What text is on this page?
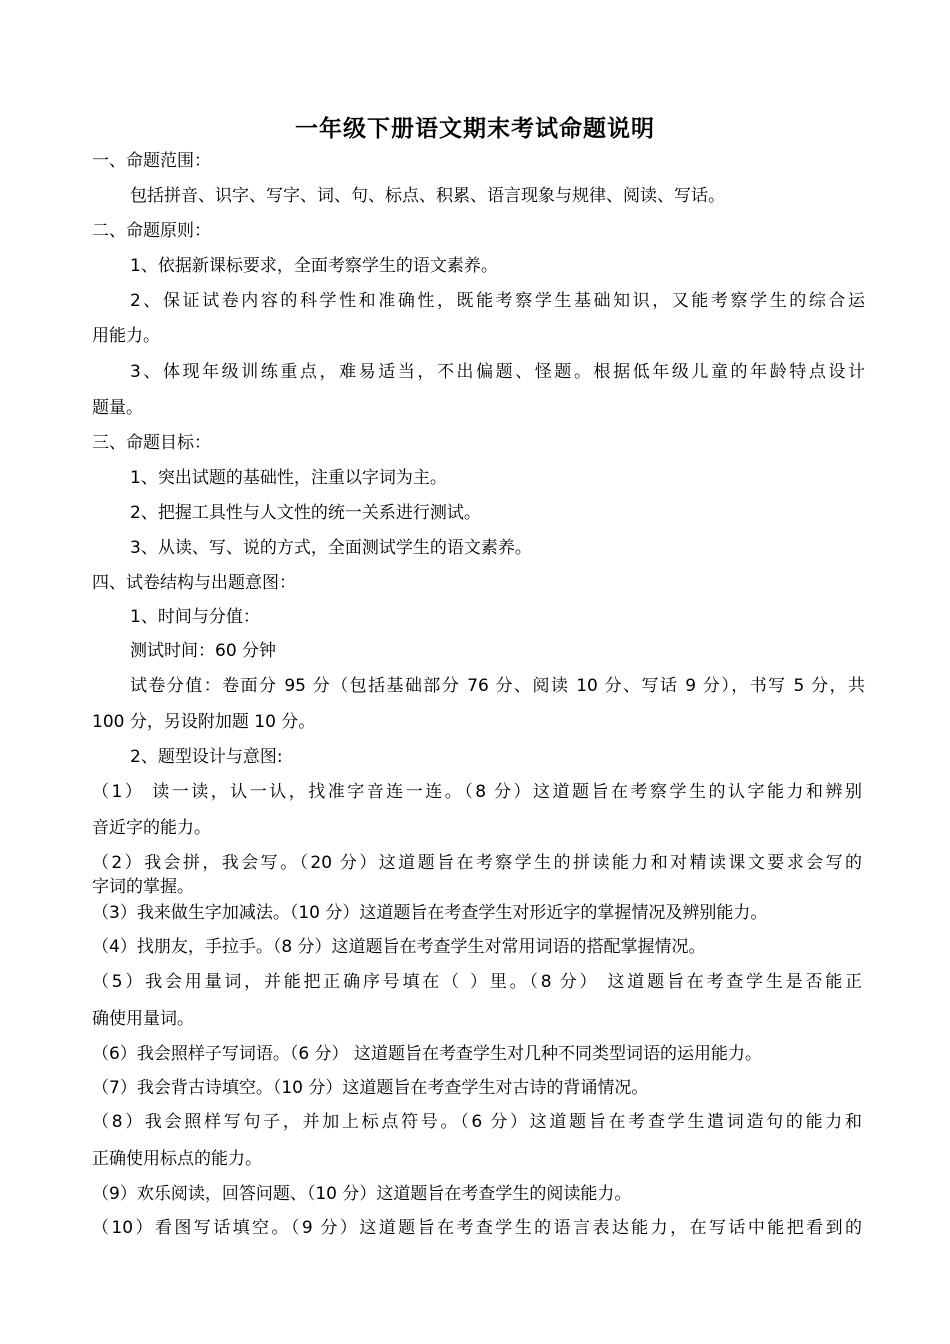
一年级下册语文期末考试命题说明
一、命题范围：
包括拼音、识字、写字、词、句、标点、积累、语言现象与规律、阅读、写话。
二、命题原则：
1、依据新课标要求，全面考察学生的语文素养。
2、保证试卷内容的科学性和准确性，既能考察学生基础知识，又能考察学生的综合运
用能力。
3、体现年级训练重点，难易适当，不出偏题、怪题。根据低年级儿童的年龄特点设计
题量。
三、命题目标：
1、突出试题的基础性，注重以字词为主。
2、把握工具性与人文性的统一关系进行测试。
3、从读、写、说的方式，全面测试学生的语文素养。
四、试卷结构与出题意图：
1、时间与分值：
测试时间：60 分钟
试卷分值：卷面分 95 分（包括基础部分 76 分、阅读 10 分、写话 9 分），书写 5 分，共
100 分，另设附加题 10 分。
2、题型设计与意图:
（1） 读一读，认一认，找准字音连一连。（8 分）这道题旨在考察学生的认字能力和辨别
音近字的能力。
（2）我会拼，我会写。（20 分）这道题旨在考察学生的拼读能力和对精读课文要求会写的
字词的掌握。
（3）我来做生字加减法。（10 分）这道题旨在考查学生对形近字的掌握情况及辨别能力。
（4）找朋友，手拉手。（8 分）这道题旨在考查学生对常用词语的搭配掌握情况。
（5）我会用量词，并能把正确序号填在（ ）里。（8 分） 这道题旨在考查学生是否能正
确使用量词。
（6）我会照样子写词语。（6 分） 这道题旨在考查学生对几种不同类型词语的运用能力。
（7）我会背古诗填空。（10 分）这道题旨在考查学生对古诗的背诵情况。
（8）我会照样写句子，并加上标点符号。（6 分）这道题旨在考查学生遣词造句的能力和
正确使用标点的能力。
（9）欢乐阅读，回答问题、（10 分）这道题旨在考查学生的阅读能力。
（10）看图写话填空。（9 分）这道题旨在考查学生的语言表达能力，在写话中能把看到的
